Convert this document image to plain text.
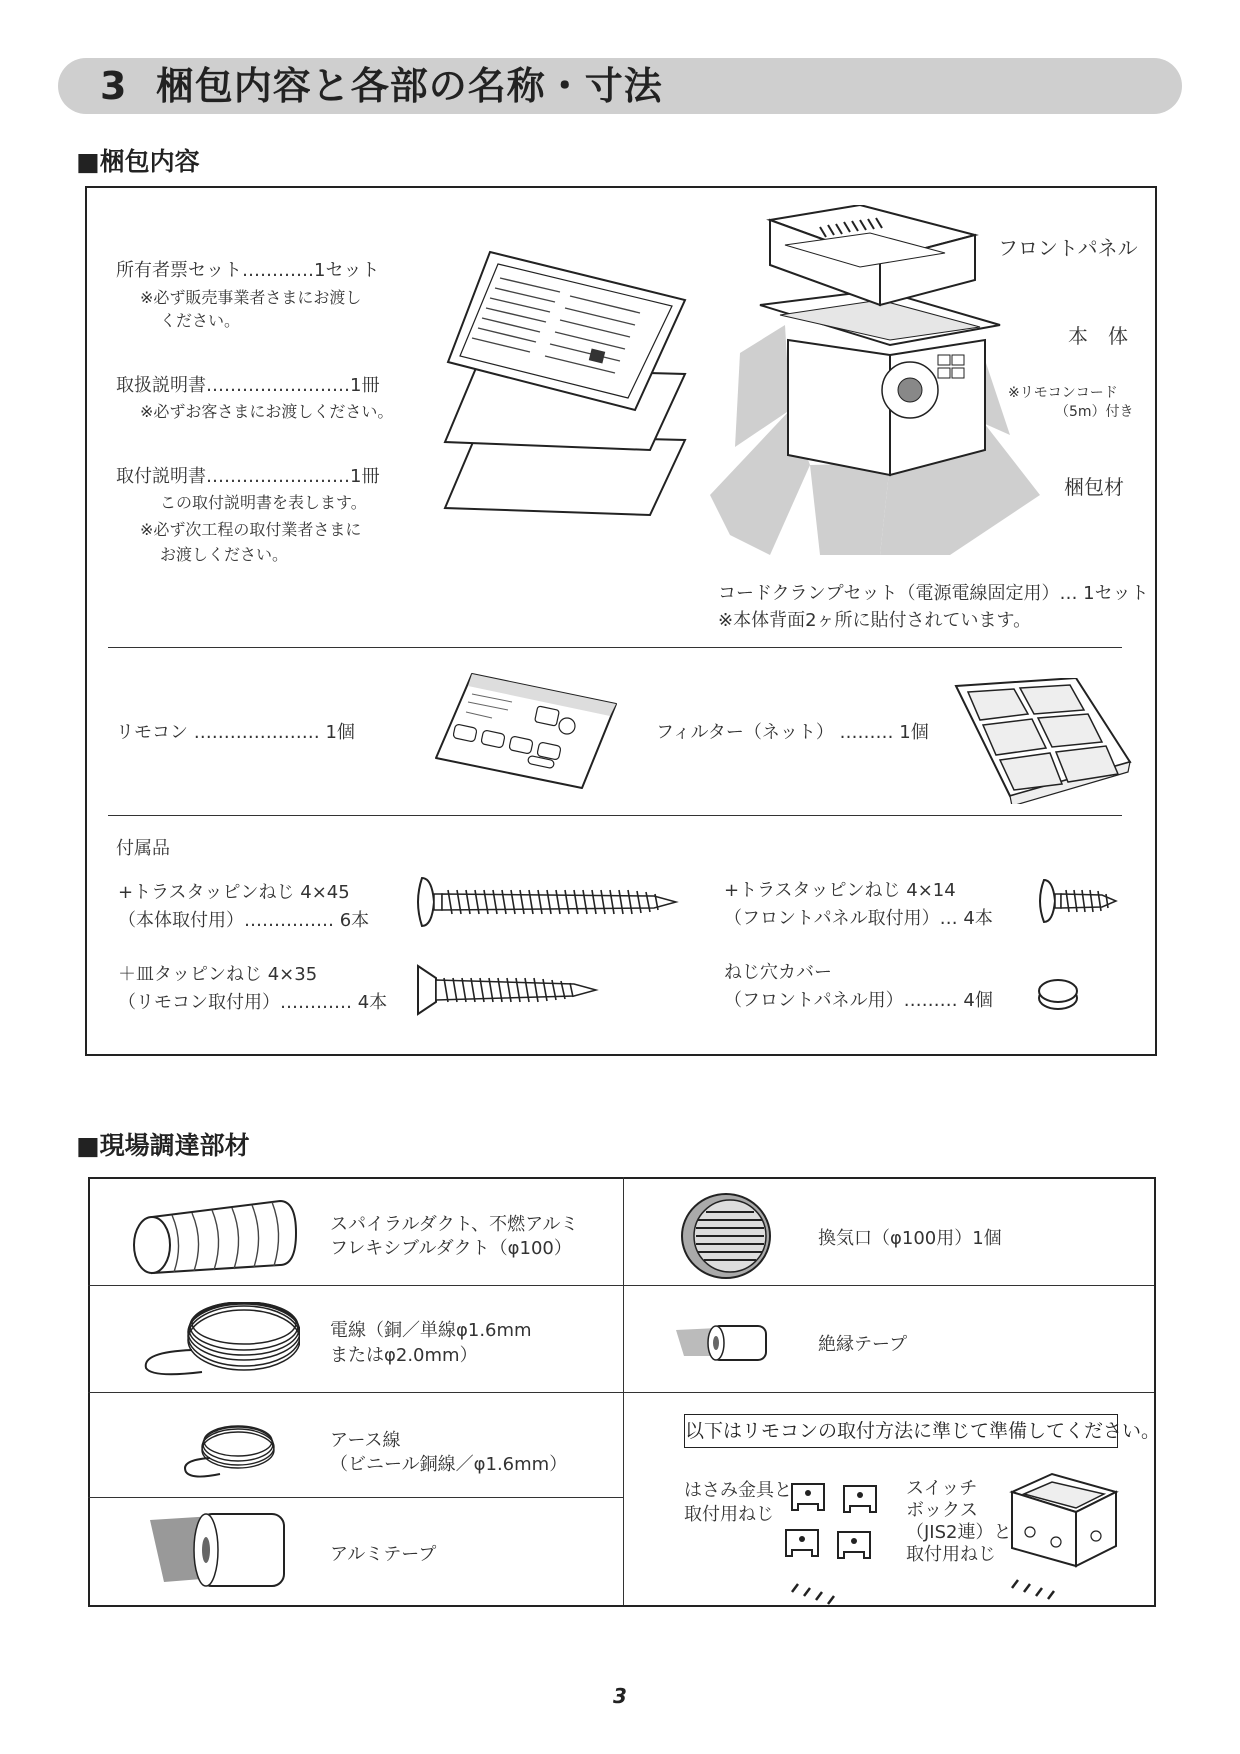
3 梱包内容と各部の名称・寸法
■梱包内容
所有者票セット…………1セット
※必ず販売事業者さまにお渡し
ください。
取扱説明書……………………1冊
※必ずお客さまにお渡しください。
取付説明書……………………1冊
この取付説明書を表します。
※必ず次工程の取付業者さまに
お渡しください。
フロントパネル
本　体
※リモコンコード
（5m）付き
梱包材
コードクランプセット（電源電線固定用）… 1セット
※本体背面2ヶ所に貼付されています。
リモコン ………………… 1個	フィルター（ネット） ……… 1個
付属品
+トラスタッピンねじ 4×45
（本体取付用）…………… 6本
+トラスタッピンねじ 4×14
（フロントパネル取付用）… 4本
＋皿タッピンねじ 4×35
（リモコン取付用）………… 4本
ねじ穴カバー
（フロントパネル用）……… 4個
■現場調達部材
スパイラルダクト、不燃アルミ
フレキシブルダクト（φ100）	換気口（φ100用）1個
電線（銅／単線φ1.6mm
またはφ2.0mm）
絶縁テープ
アース線
（ビニール銅線／φ1.6mm）
以下はリモコンの取付方法に準じて準備してください。
アルミテープ
はさみ金具と
取付用ねじ
スイッチ
ボックス
（JIS2連）と
取付用ねじ
3
